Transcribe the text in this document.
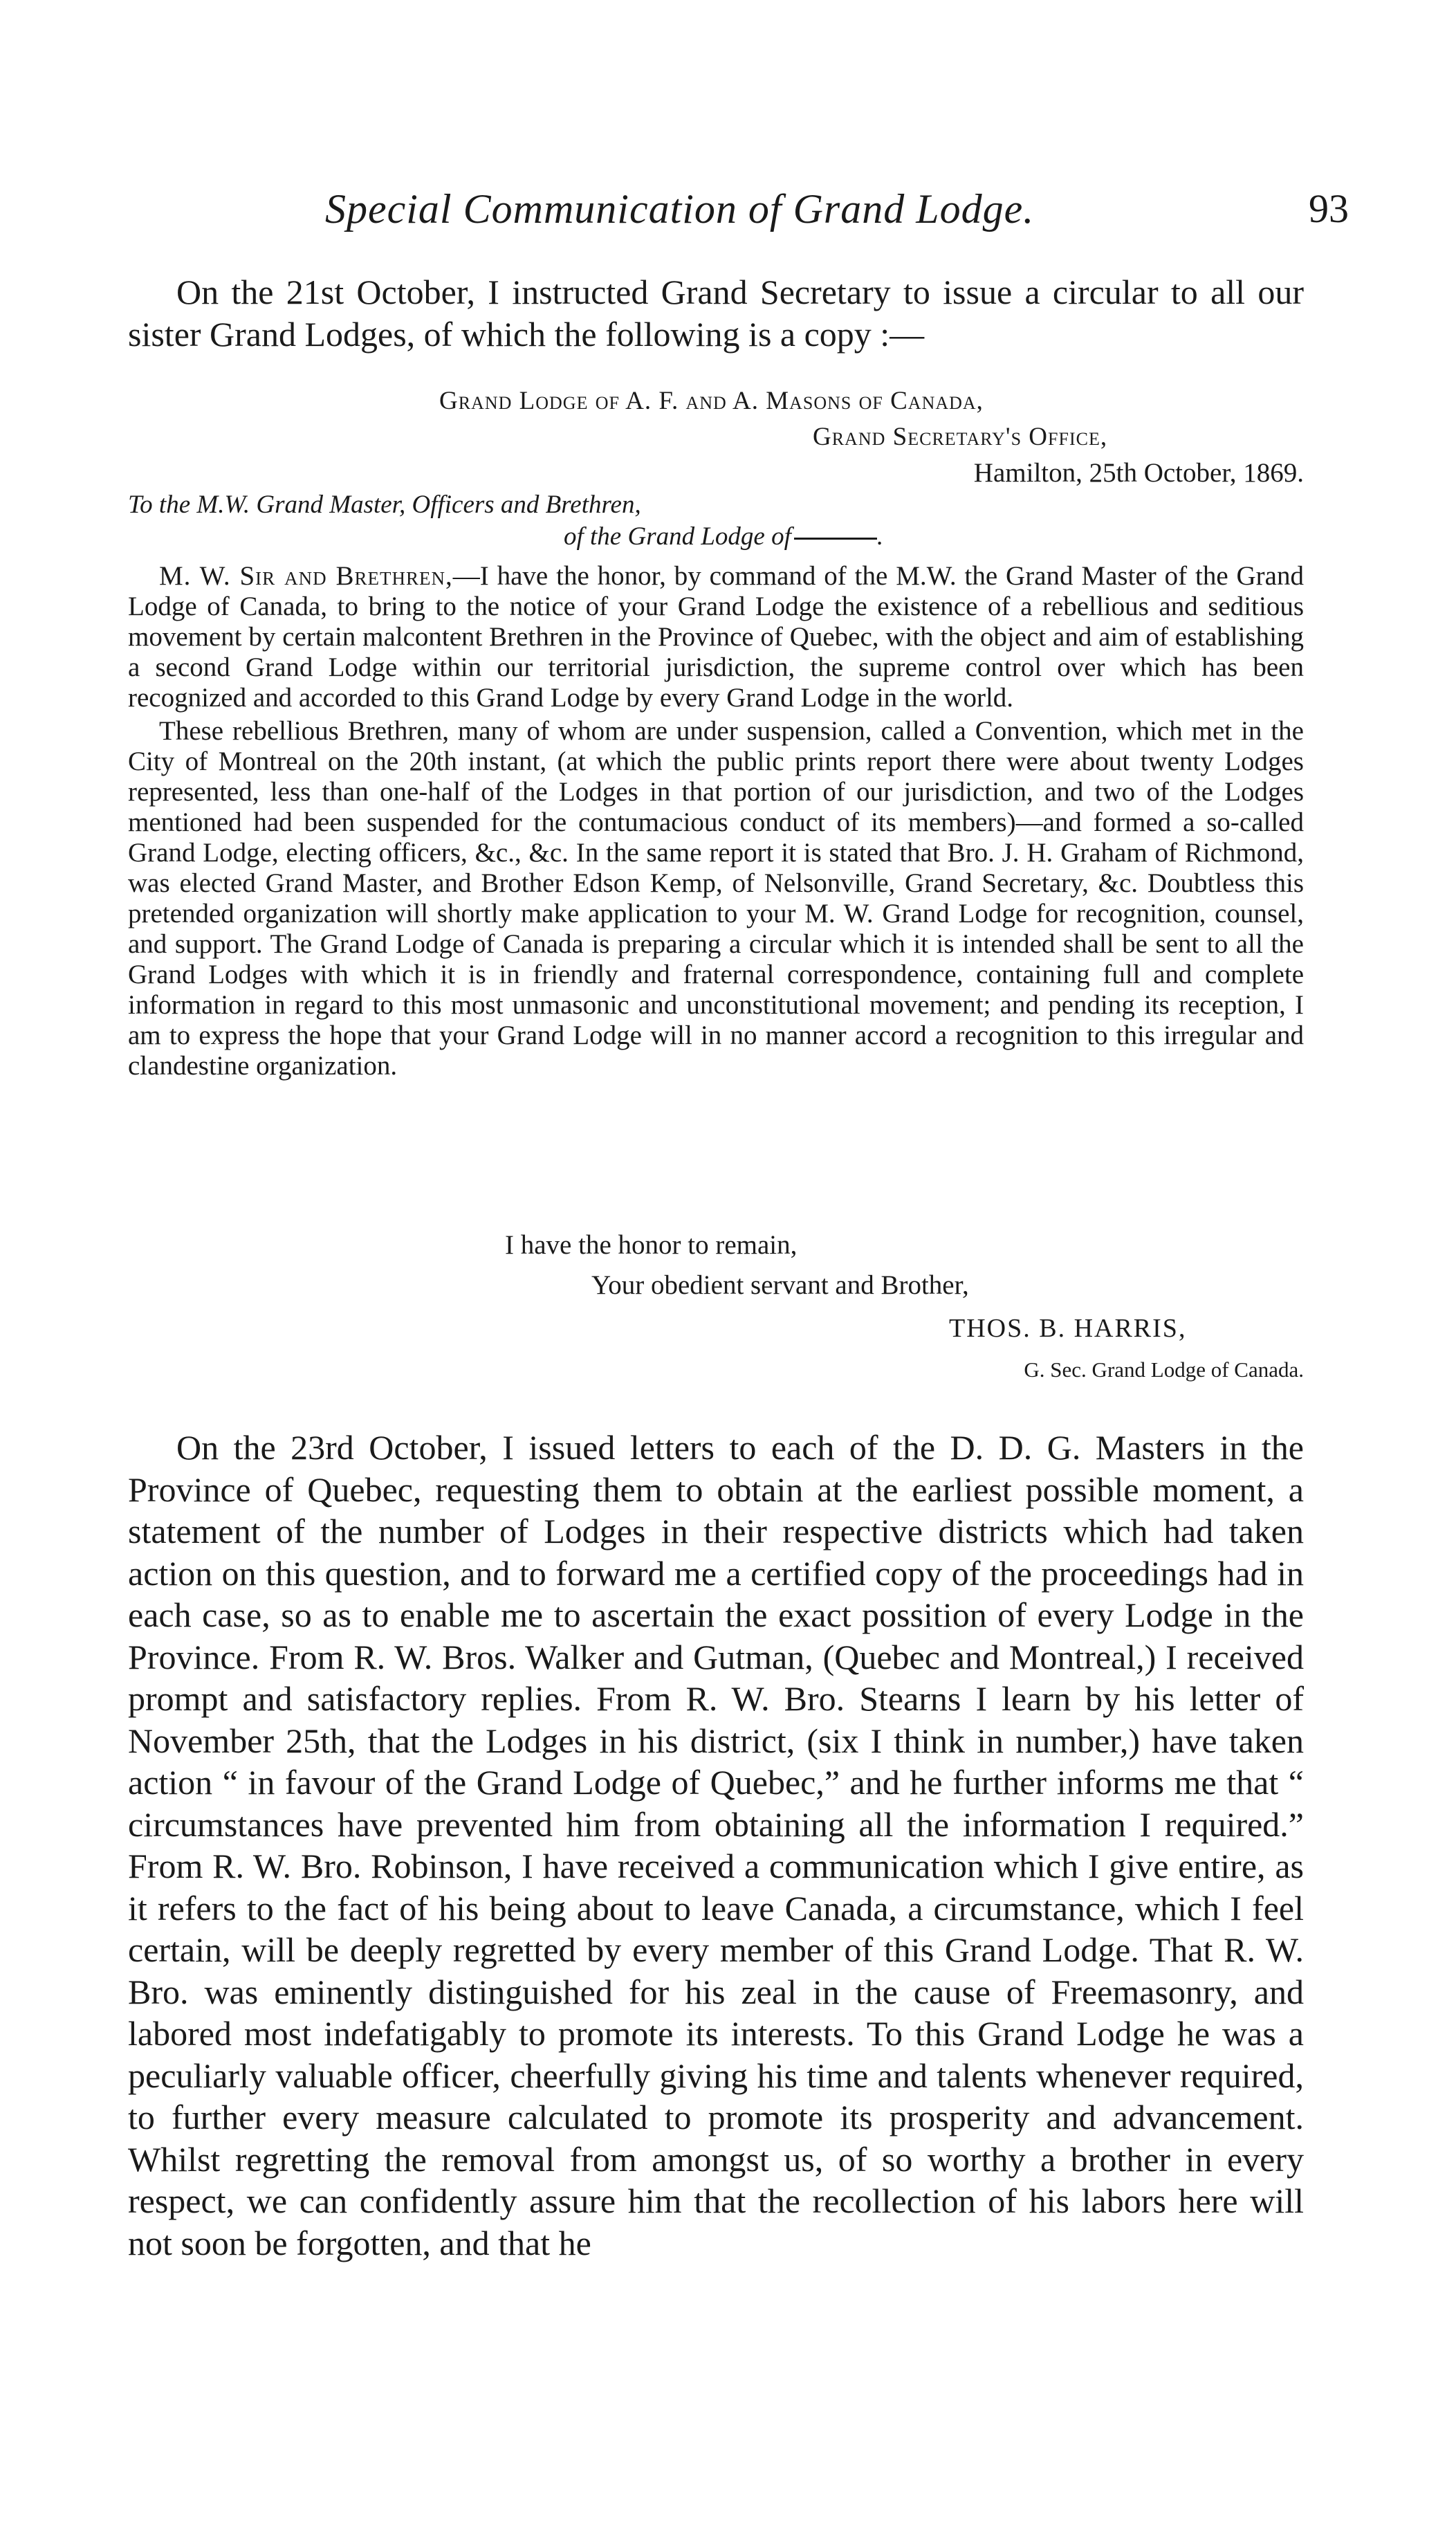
Special Communication of Grand Lodge.	93

On the 21st October, I instructed Grand Secretary to issue a circular to all our sister Grand Lodges, of which the following is a copy :—

Grand Lodge of A. F. and A. Masons of Canada,
Grand Secretary's Office,
Hamilton, 25th October, 1869.
To the M.W. Grand Master, Officers and Brethren,
of the Grand Lodge of	.

M. W. Sir and Brethren,—I have the honor, by command of the M.W. the Grand Master of the Grand Lodge of Canada, to bring to the notice of your Grand Lodge the existence of a rebellious and seditious movement by certain malcontent Brethren in the Province of Quebec, with the object and aim of establishing a second Grand Lodge within our territorial jurisdiction, the supreme control over which has been recognized and accorded to this Grand Lodge by every Grand Lodge in the world.

These rebellious Brethren, many of whom are under suspension, called a Convention, which met in the City of Montreal on the 20th instant, (at which the public prints report there were about twenty Lodges represented, less than one-half of the Lodges in that portion of our jurisdiction, and two of the Lodges mentioned had been suspended for the contumacious conduct of its members)—and formed a so-called Grand Lodge, electing officers, &c., &c. In the same report it is stated that Bro. J. H. Graham of Richmond, was elected Grand Master, and Brother Edson Kemp, of Nelsonville, Grand Secretary, &c. Doubtless this pretended organization will shortly make application to your M. W. Grand Lodge for recognition, counsel, and support. The Grand Lodge of Canada is preparing a circular which it is intended shall be sent to all the Grand Lodges with which it is in friendly and fraternal correspondence, containing full and complete information in regard to this most unmasonic and unconstitutional movement; and pending its reception, I am to express the hope that your Grand Lodge will in no manner accord a recognition to this irregular and clandestine organization.

I have the honor to remain,
Your obedient servant and Brother,
THOS. B. HARRIS,
G. Sec. Grand Lodge of Canada.

On the 23rd October, I issued letters to each of the D. D. G. Masters in the Province of Quebec, requesting them to obtain at the earliest possible moment, a statement of the number of Lodges in their respective districts which had taken action on this question, and to forward me a certified copy of the proceedings had in each case, so as to enable me to ascertain the exact possition of every Lodge in the Province. From R. W. Bros. Walker and Gutman, (Quebec and Montreal,) I received prompt and satisfactory replies. From R. W. Bro. Stearns I learn by his letter of November 25th, that the Lodges in his district, (six I think in number,) have taken action “ in favour of the Grand Lodge of Quebec,” and he further informs me that “ circumstances have prevented him from obtaining all the information I required.” From R. W. Bro. Robinson, I have received a communication which I give entire, as it refers to the fact of his being about to leave Canada, a circumstance, which I feel certain, will be deeply regretted by every member of this Grand Lodge. That R. W. Bro. was eminently distinguished for his zeal in the cause of Freemasonry, and labored most indefatigably to promote its interests. To this Grand Lodge he was a peculiarly valuable officer, cheerfully giving his time and talents whenever required, to further every measure calculated to promote its prosperity and advancement. Whilst regretting the removal from amongst us, of so worthy a brother in every respect, we can confidently assure him that the recollection of his labors here will not soon be forgotten, and that he
